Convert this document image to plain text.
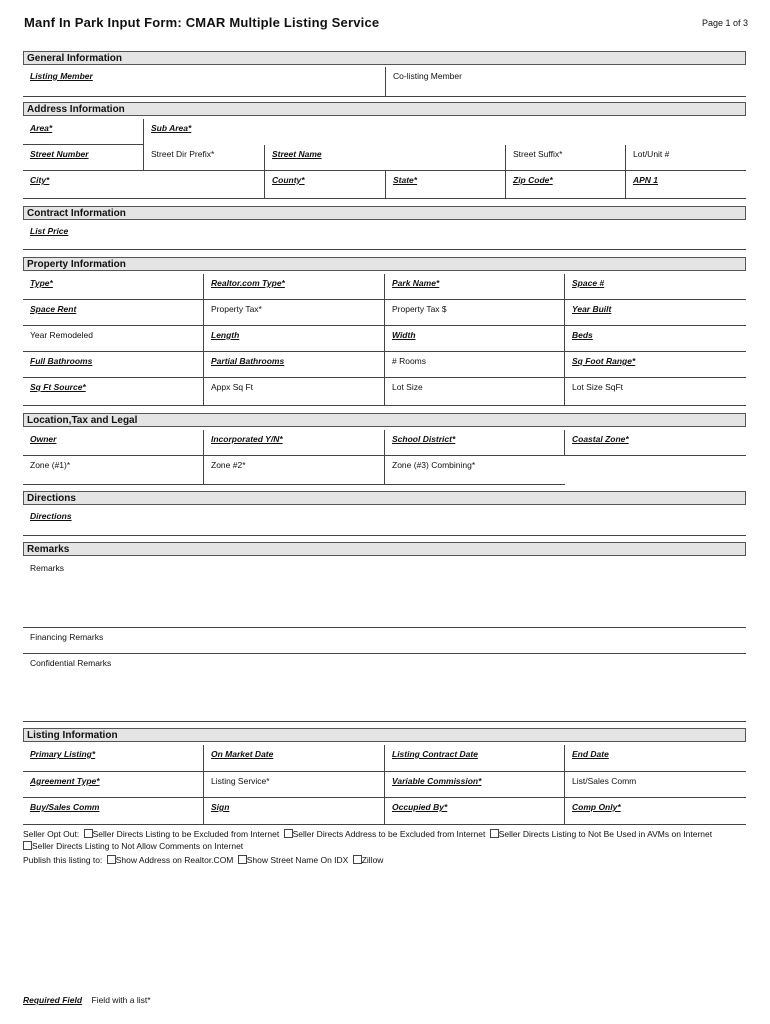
Manf In Park Input Form: CMAR Multiple Listing Service	Page 1 of 3
General Information
Listing Member	Co-listing Member
Address Information
Area*	Sub Area*
Street Number	Street Dir Prefix*	Street Name	Street Suffix*	Lot/Unit #
City*	County*	State*	Zip Code*	APN 1
Contract Information
List Price
Property Information
Type*	Realtor.com Type*	Park Name*	Space #
Space Rent	Property Tax*	Property Tax $	Year Built
Year Remodeled	Length	Width	Beds
Full Bathrooms	Partial Bathrooms	# Rooms	Sq Foot Range*
Sq Ft Source*	Appx Sq Ft	Lot Size	Lot Size SqFt
Location,Tax and Legal
Owner	Incorporated Y/N*	School District*	Coastal Zone*
Zone (#1)*	Zone #2*	Zone (#3) Combining*
Directions
Directions
Remarks
Remarks
Financing Remarks
Confidential Remarks
Listing Information
Primary Listing*	On Market Date	Listing Contract Date	End Date
Agreement Type*	Listing Service*	Variable Commission*	List/Sales Comm
Buy/Sales Comm	Sign	Occupied By*	Comp Only*
Seller Opt Out: Seller Directs Listing to be Excluded from Internet Seller Directs Address to be Excluded from Internet Seller Directs Listing to Not Be Used in AVMs on Internet
Seller Directs Listing to Not Allow Comments on Internet
Publish this listing to: Show Address on Realtor.COM Show Street Name On IDX Zillow
Required Field Field with a list*
